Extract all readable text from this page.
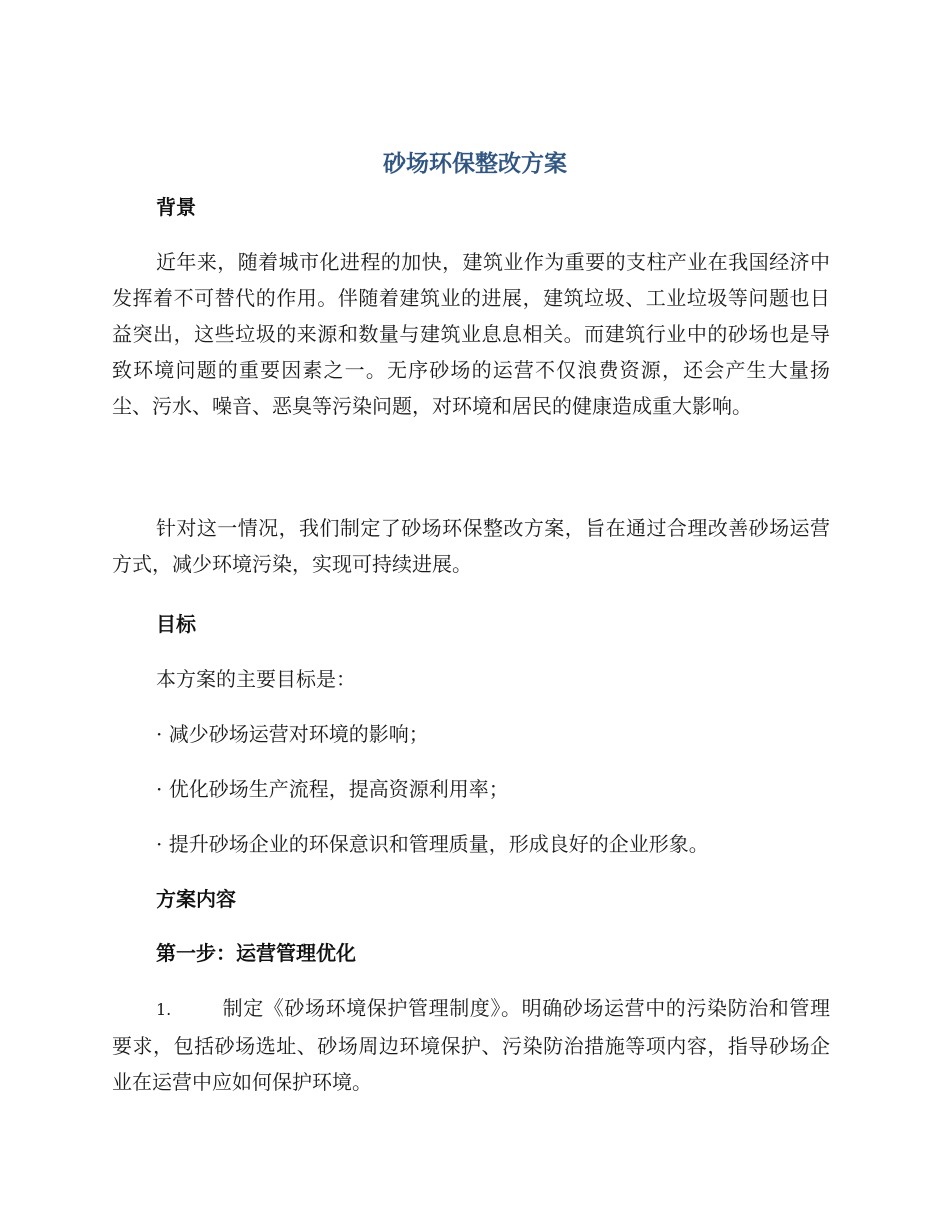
砂场环保整改方案
背景
近年来，随着城市化进程的加快，建筑业作为重要的支柱产业在我国经济中发挥着不可替代的作用。伴随着建筑业的进展，建筑垃圾、工业垃圾等问题也日益突出，这些垃圾的来源和数量与建筑业息息相关。而建筑行业中的砂场也是导致环境问题的重要因素之一。无序砂场的运营不仅浪费资源，还会产生大量扬尘、污水、噪音、恶臭等污染问题，对环境和居民的健康造成重大影响。
针对这一情况，我们制定了砂场环保整改方案，旨在通过合理改善砂场运营方式，减少环境污染，实现可持续进展。
目标
本方案的主要目标是：
· 减少砂场运营对环境的影响；
· 优化砂场生产流程，提高资源利用率；
· 提升砂场企业的环保意识和管理质量，形成良好的企业形象。
方案内容
第一步：运营管理优化
1.	制定《砂场环境保护管理制度》。明确砂场运营中的污染防治和管理要求，包括砂场选址、砂场周边环境保护、污染防治措施等项内容，指导砂场企业在运营中应如何保护环境。
